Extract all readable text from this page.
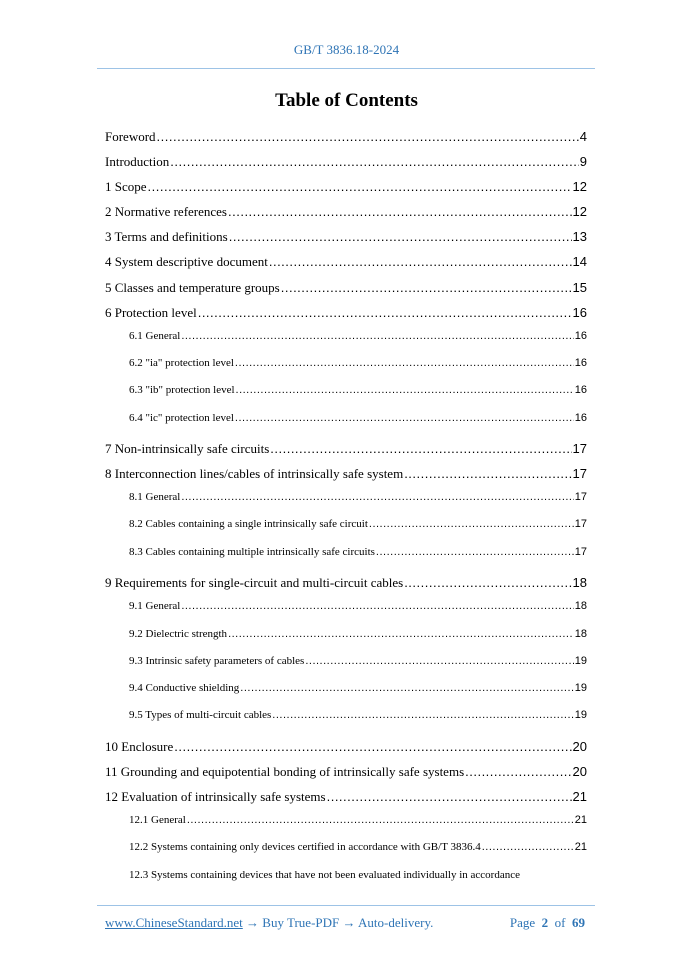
GB/T 3836.18-2024
Table of Contents
Foreword .....	4
Introduction .....	9
1 Scope .....	12
2 Normative references .....	12
3 Terms and definitions .....	13
4 System descriptive document .....	14
5 Classes and temperature groups .....	15
6 Protection level .....	16
6.1 General .....	16
6.2 "ia" protection level .....	16
6.3 "ib" protection level .....	16
6.4 "ic" protection level .....	16
7 Non-intrinsically safe circuits .....	17
8 Interconnection lines/cables of intrinsically safe system .....	17
8.1 General .....	17
8.2 Cables containing a single intrinsically safe circuit .....	17
8.3 Cables containing multiple intrinsically safe circuits .....	17
9 Requirements for single-circuit and multi-circuit cables .....	18
9.1 General .....	18
9.2 Dielectric strength .....	18
9.3 Intrinsic safety parameters of cables .....	19
9.4 Conductive shielding .....	19
9.5 Types of multi-circuit cables .....	19
10 Enclosure .....	20
11 Grounding and equipotential bonding of intrinsically safe systems .....	20
12 Evaluation of intrinsically safe systems .....	21
12.1 General .....	21
12.2 Systems containing only devices certified in accordance with GB/T 3836.4 .....	21
12.3 Systems containing devices that have not been evaluated individually in accordance
www.ChineseStandard.net → Buy True-PDF → Auto-delivery.	Page 2 of 69
